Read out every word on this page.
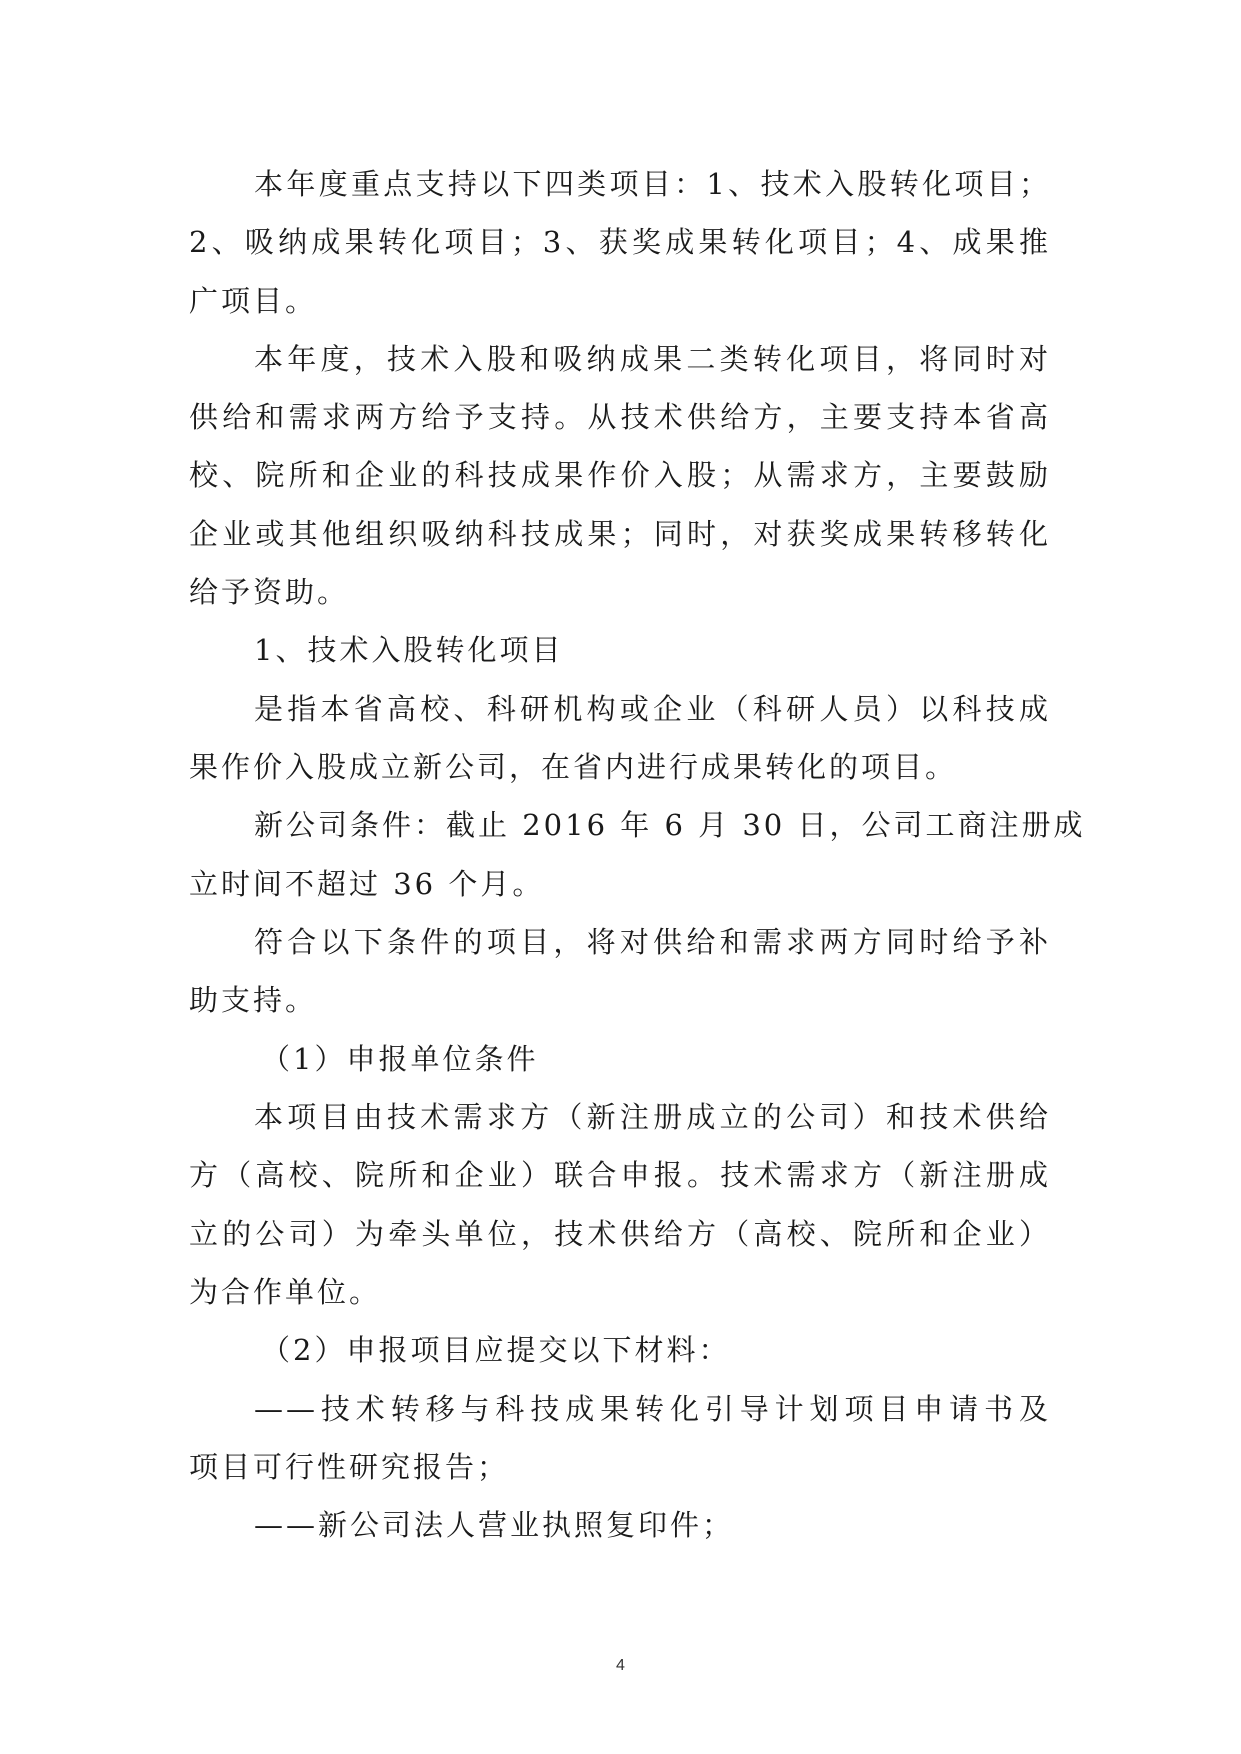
本年度重点支持以下四类项目：1、技术入股转化项目；
2、吸纳成果转化项目；3、获奖成果转化项目；4、成果推
广项目。
本年度，技术入股和吸纳成果二类转化项目，将同时对
供给和需求两方给予支持。从技术供给方，主要支持本省高
校、院所和企业的科技成果作价入股；从需求方，主要鼓励
企业或其他组织吸纳科技成果；同时，对获奖成果转移转化
给予资助。
1、技术入股转化项目
是指本省高校、科研机构或企业（科研人员）以科技成
果作价入股成立新公司，在省内进行成果转化的项目。
新公司条件：截止 2016 年 6 月 30 日，公司工商注册成
立时间不超过 36 个月。
符合以下条件的项目，将对供给和需求两方同时给予补
助支持。
（1）申报单位条件
本项目由技术需求方（新注册成立的公司）和技术供给
方（高校、院所和企业）联合申报。技术需求方（新注册成
立的公司）为牵头单位，技术供给方（高校、院所和企业）
为合作单位。
（2）申报项目应提交以下材料：
——技术转移与科技成果转化引导计划项目申请书及
项目可行性研究报告；
——新公司法人营业执照复印件；
4
